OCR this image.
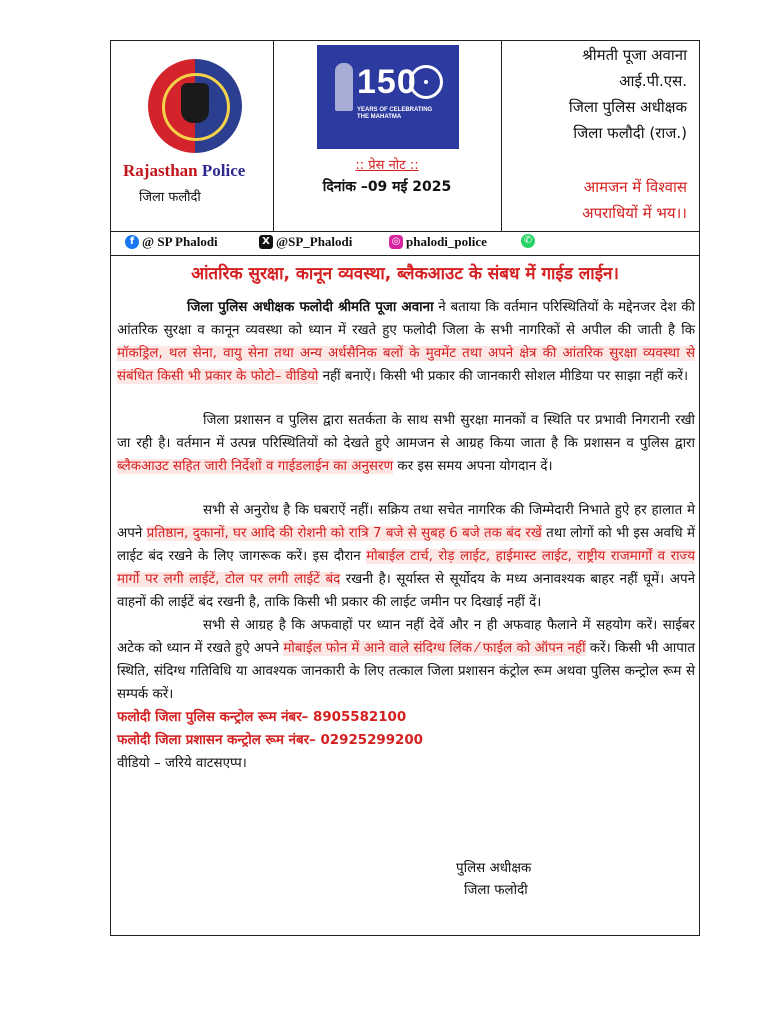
Rajasthan Police
जिला फलौदी
150
YEARS OF CELEBRATING THE MAHATMA
:: प्रेस नोट ::
दिनांक –09 मई 2025
श्रीमती पूजा अवाना
आई.पी.एस.
जिला पुलिस अधीक्षक
जिला फलौदी (राज.)
आमजन में विश्वास
अपराधियों में भय।।
f @ SP Phalodi	X @SP_Phalodi	◎ phalodi_police	✆
आंतरिक सुरक्षा, कानून व्यवस्था, ब्लैकआउट के संबध में गाईड लाईन।

जिला पुलिस अधीक्षक फलोदी श्रीमति पूजा अवाना ने बताया कि वर्तमान परिस्थितियों के मद्देनजर देश की आंतरिक सुरक्षा व कानून व्यवस्था को ध्यान में रखते हुए फलोदी जिला के सभी नागरिकों से अपील की जाती है कि मॉकड्रिल, थल सेना, वायु सेना तथा अन्य अर्धसैनिक बलों के मुवमेंट तथा अपने क्षेत्र की आंतरिक सुरक्षा व्यवस्था से संबंधित किसी भी प्रकार के फोटो– वीडियो नहीं बनाऐं। किसी भी प्रकार की जानकारी सोशल मीडिया पर साझा नहीं करें।

जिला प्रशासन व पुलिस द्वारा सतर्कता के साथ सभी सुरक्षा मानकों व स्थिति पर प्रभावी निगरानी रखी जा रही है। वर्तमान में उत्पन्न परिस्थितियों को देखते हुऐ आमजन से आग्रह किया जाता है कि प्रशासन व पुलिस द्वारा ब्लैकआउट सहित जारी निर्देशों व गाईडलाईन का अनुसरण कर इस समय अपना योगदान दें।

सभी से अनुरोध है कि घबराऐं नहीं। सक्रिय तथा सचेत नागरिक की जिम्मेदारी निभाते हुऐ हर हालात मे अपने प्रतिष्ठान, दुकानों, घर आदि की रोशनी को रात्रि 7 बजे से सुबह 6 बजे तक बंद रखें तथा लोगों को भी इस अवधि में लाईट बंद रखने के लिए जागरूक करें। इस दौरान मोबाईल टार्च, रोड़ लाईट, हाईमास्ट लाईट, राष्ट्रीय राजमार्गों व राज्य मार्गो पर लगी लाईटें, टोल पर लगी लाईटें बंद रखनी है। सूर्यास्त से सूर्योदय के मध्य अनावश्यक बाहर नहीं घूमें। अपने वाहनों की लाईटें बंद रखनी है, ताकि किसी भी प्रकार की लाईट जमीन पर दिखाई नहीं दें।

सभी से आग्रह है कि अफवाहों पर ध्यान नहीं देवें और न ही अफवाह फैलाने में सहयोग करें। साईबर अटेक को ध्यान में रखते हुऐ अपने मोबाईल फोन में आने वाले संदिग्ध लिंक ⁄ फाईल को ऑपन नहीं करें। किसी भी आपात स्थिति, संदिग्ध गतिविधि या आवश्यक जानकारी के लिए तत्काल जिला प्रशासन कंट्रोल रूम अथवा पुलिस कन्ट्रोल रूम से सम्पर्क करें।

फलोदी जिला पुलिस कन्ट्रोल रूम नंबर– 8905582100
फलोदी जिला प्रशासन कन्ट्रोल रूम नंबर– 02925299200
वीडियो – जरिये वाटसएप्प।
पुलिस अधीक्षक
जिला फलोदी
